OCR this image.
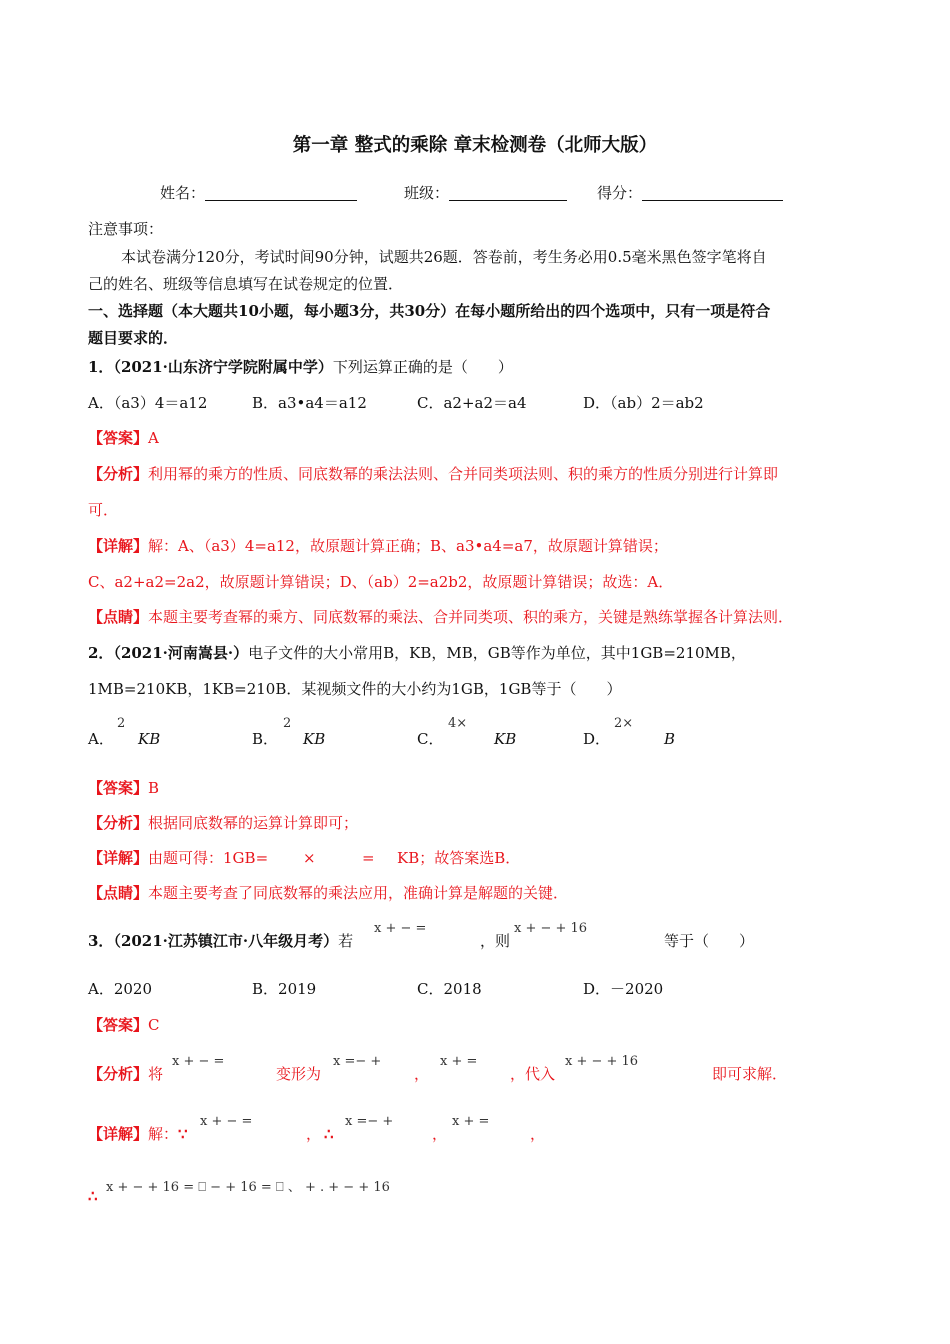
第一章 整式的乘除 章末检测卷（北师大版）
姓名：	班级：	得分：
注意事项：
本试卷满分120分，考试时间90分钟，试题共26题．答卷前，考生务必用0.5毫米黑色签字笔将自
己的姓名、班级等信息填写在试卷规定的位置．
一、选择题（本大题共10小题，每小题3分，共30分）在每小题所给出的四个选项中，只有一项是符合
题目要求的．
1．（2021·山东济宁学院附属中学）下列运算正确的是（　　）
A．（a3）4＝a12	B．a3•a4＝a12	C．a2+a2＝a4	D．（ab）2＝ab2
【答案】A
【分析】利用幂的乘方的性质、同底数幂的乘法法则、合并同类项法则、积的乘方的性质分别进行计算即
可．
【详解】解：A、（a3）4=a12，故原题计算正确；B、a3•a4=a7，故原题计算错误；
C、a2+a2=2a2，故原题计算错误；D、（ab）2=a2b2，故原题计算错误；故选：A．
【点睛】本题主要考查幂的乘方、同底数幂的乘法、合并同类项、积的乘方，关键是熟练掌握各计算法则．
2．（2021·河南嵩县·）电子文件的大小常用B，KB，MB，GB等作为单位，其中1GB=210MB，
1MB=210KB，1KB=210B．某视频文件的大小约为1GB，1GB等于（　　）
A．
2
KB	B．
2
KB	C．
4×
KB	D．
2×
B
【答案】B
【分析】根据同底数幂的运算计算即可；
【详解】由题可得：1GB= ×	= KB；故答案选B．
【点睛】本题主要考查了同底数幂的乘法应用，准确计算是解题的关键．
3．（2021·江苏镇江市·八年级月考）若
x + − =
，则
x + − + 16
等于（　　）
A．2020	B．2019	C．2018	D．－2020
【答案】C
【分析】将
x + − =
变形为
x =− +
，
x + =
，代入
x + − + 16
即可求解．
【详解】解：∵
x + − =
， ∴
x =− +
，
x + =
，
∴ x + − + 16 = ⎕ − + 16 = ⎕ 、 + . + − + 16
